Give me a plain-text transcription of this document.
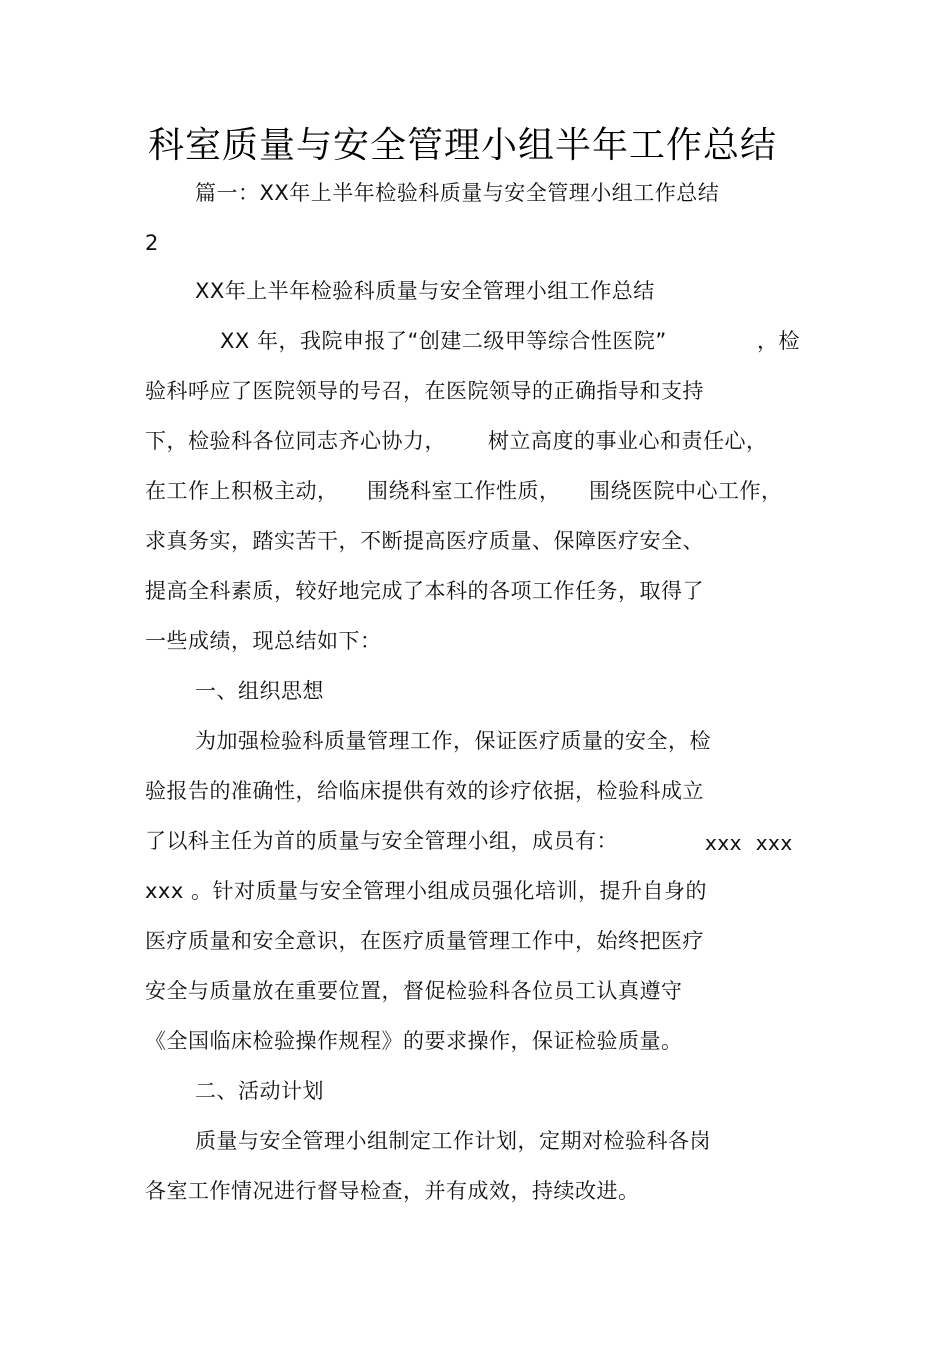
科室质量与安全管理小组半年工作总结
篇一：XX年上半年检验科质量与安全管理小组工作总结
2
XX年上半年检验科质量与安全管理小组工作总结
XX 年，我院申报了“创建二级甲等综合性医院”	，检
验科呼应了医院领导的号召，在医院领导的正确指导和支持
下，检验科各位同志齐心协力， 树立高度的事业心和责任心，
在工作上积极主动， 围绕科室工作性质， 围绕医院中心工作，
求真务实，踏实苦干，不断提高医疗质量、保障医疗安全、
提高全科素质，较好地完成了本科的各项工作任务，取得了
一些成绩，现总结如下：
一、组织思想
为加强检验科质量管理工作，保证医疗质量的安全，检
验报告的准确性，给临床提供有效的诊疗依据，检验科成立
了以科主任为首的质量与安全管理小组，成员有：	xxx  xxx
xxx 。针对质量与安全管理小组成员强化培训，提升自身的
医疗质量和安全意识，在医疗质量管理工作中，始终把医疗
安全与质量放在重要位置，督促检验科各位员工认真遵守
《全国临床检验操作规程》的要求操作，保证检验质量。
二、活动计划
质量与安全管理小组制定工作计划，定期对检验科各岗
各室工作情况进行督导检查，并有成效，持续改进。
